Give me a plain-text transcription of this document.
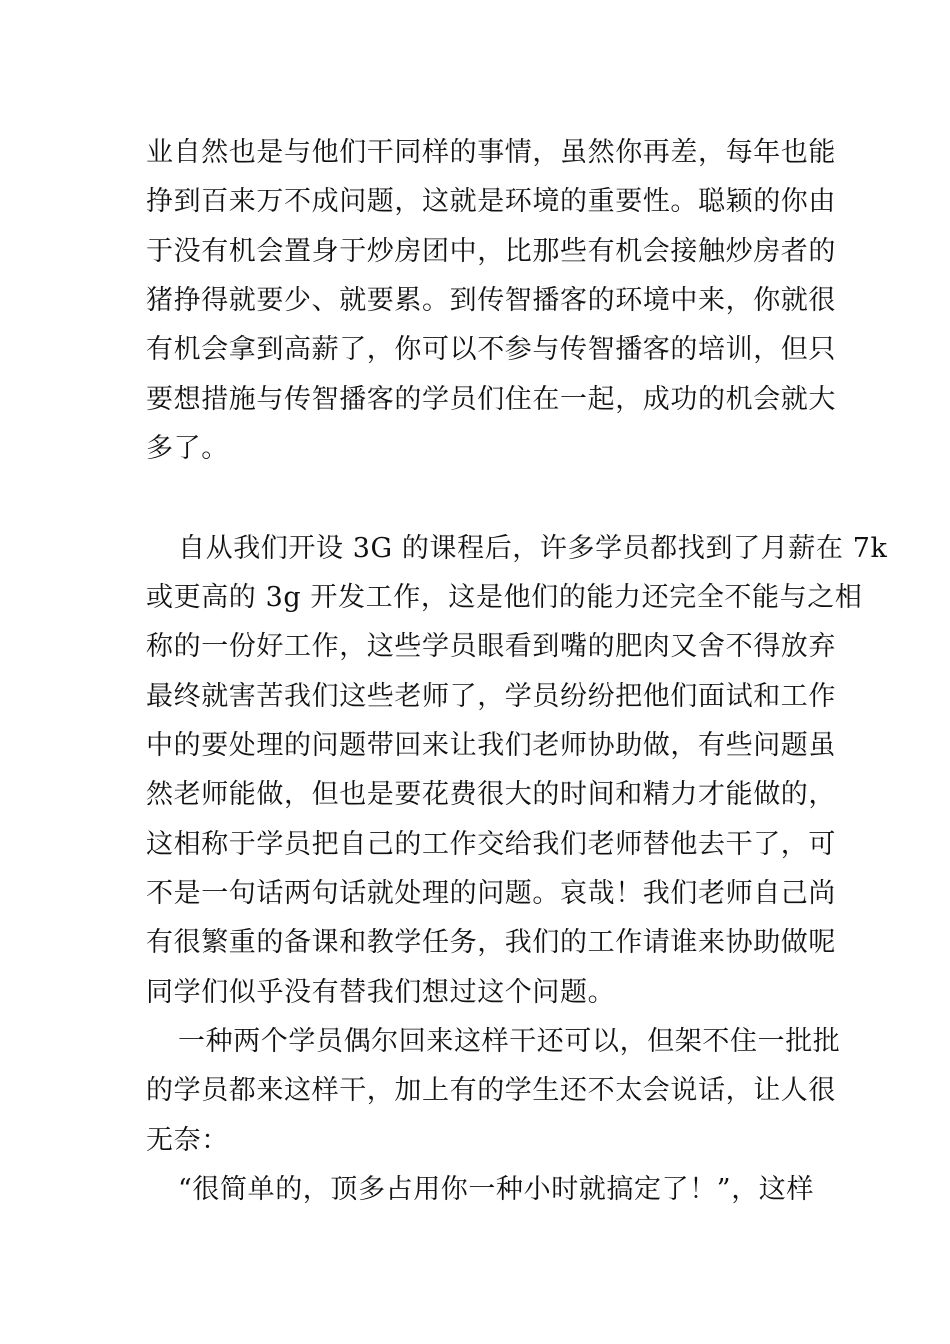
业自然也是与他们干同样的事情，虽然你再差，每年也能
挣到百来万不成问题，这就是环境的重要性。聪颖的你由
于没有机会置身于炒房团中，比那些有机会接触炒房者的
猪挣得就要少、就要累。到传智播客的环境中来，你就很
有机会拿到高薪了，你可以不参与传智播客的培训，但只
要想措施与传智播客的学员们住在一起，成功的机会就大
多了。
自从我们开设 3G 的课程后，许多学员都找到了月薪在 7k
或更高的 3g 开发工作，这是他们的能力还完全不能与之相
称的一份好工作，这些学员眼看到嘴的肥肉又舍不得放弃
最终就害苦我们这些老师了，学员纷纷把他们面试和工作
中的要处理的问题带回来让我们老师协助做，有些问题虽
然老师能做，但也是要花费很大的时间和精力才能做的，
这相称于学员把自己的工作交给我们老师替他去干了，可
不是一句话两句话就处理的问题。哀哉！我们老师自己尚
有很繁重的备课和教学任务，我们的工作请谁来协助做呢
同学们似乎没有替我们想过这个问题。
一种两个学员偶尔回来这样干还可以，但架不住一批批
的学员都来这样干，加上有的学生还不太会说话，让人很
无奈：
“很简单的，顶多占用你一种小时就搞定了！”，这样
